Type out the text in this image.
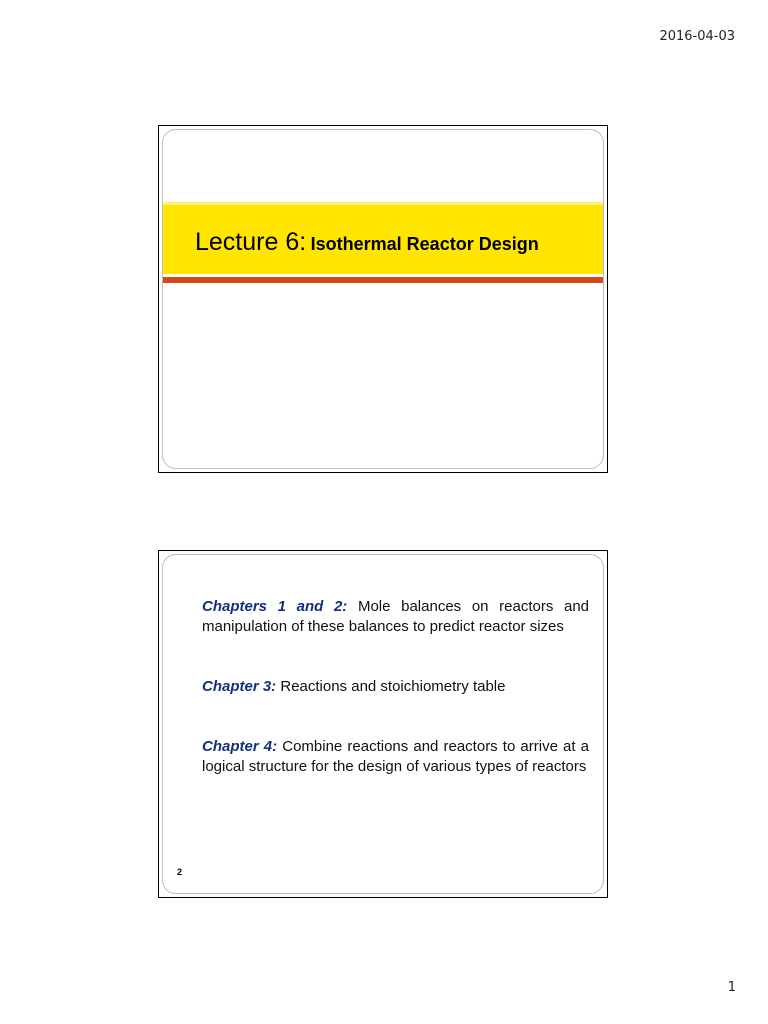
2016-04-03
Lecture 6: Isothermal Reactor Design

Chapters 1 and 2: Mole balances on reactors and manipulation of these balances to predict reactor sizes

Chapter 3: Reactions and stoichiometry table

Chapter 4: Combine reactions and reactors to arrive at a logical structure for the design of various types of reactors

2
1
